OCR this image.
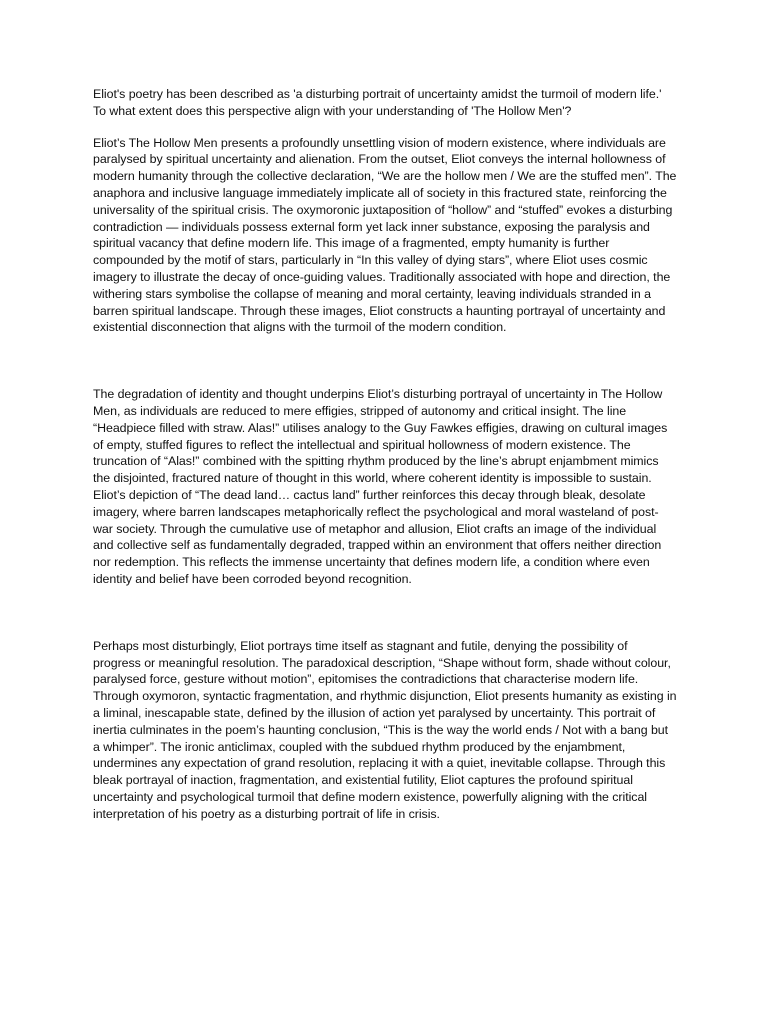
Eliot's poetry has been described as 'a disturbing portrait of uncertainty amidst the turmoil of modern life.'

To what extent does this perspective align with your understanding of 'The Hollow Men'?

Eliot’s The Hollow Men presents a profoundly unsettling vision of modern existence, where individuals are paralysed by spiritual uncertainty and alienation. From the outset, Eliot conveys the internal hollowness of modern humanity through the collective declaration, “We are the hollow men / We are the stuffed men”. The anaphora and inclusive language immediately implicate all of society in this fractured state, reinforcing the universality of the spiritual crisis. The oxymoronic juxtaposition of “hollow” and “stuffed” evokes a disturbing contradiction — individuals possess external form yet lack inner substance, exposing the paralysis and spiritual vacancy that define modern life. This image of a fragmented, empty humanity is further compounded by the motif of stars, particularly in “In this valley of dying stars”, where Eliot uses cosmic imagery to illustrate the decay of once-guiding values. Traditionally associated with hope and direction, the withering stars symbolise the collapse of meaning and moral certainty, leaving individuals stranded in a barren spiritual landscape. Through these images, Eliot constructs a haunting portrayal of uncertainty and existential disconnection that aligns with the turmoil of the modern condition.

The degradation of identity and thought underpins Eliot’s disturbing portrayal of uncertainty in The Hollow Men, as individuals are reduced to mere effigies, stripped of autonomy and critical insight. The line “Headpiece filled with straw. Alas!” utilises analogy to the Guy Fawkes effigies, drawing on cultural images of empty, stuffed figures to reflect the intellectual and spiritual hollowness of modern existence. The truncation of “Alas!” combined with the spitting rhythm produced by the line’s abrupt enjambment mimics the disjointed, fractured nature of thought in this world, where coherent identity is impossible to sustain. Eliot’s depiction of “The dead land… cactus land” further reinforces this decay through bleak, desolate imagery, where barren landscapes metaphorically reflect the psychological and moral wasteland of post-war society. Through the cumulative use of metaphor and allusion, Eliot crafts an image of the individual and collective self as fundamentally degraded, trapped within an environment that offers neither direction nor redemption. This reflects the immense uncertainty that defines modern life, a condition where even identity and belief have been corroded beyond recognition.

Perhaps most disturbingly, Eliot portrays time itself as stagnant and futile, denying the possibility of progress or meaningful resolution. The paradoxical description, “Shape without form, shade without colour, paralysed force, gesture without motion”, epitomises the contradictions that characterise modern life. Through oxymoron, syntactic fragmentation, and rhythmic disjunction, Eliot presents humanity as existing in a liminal, inescapable state, defined by the illusion of action yet paralysed by uncertainty. This portrait of inertia culminates in the poem’s haunting conclusion, “This is the way the world ends / Not with a bang but a whimper”. The ironic anticlimax, coupled with the subdued rhythm produced by the enjambment, undermines any expectation of grand resolution, replacing it with a quiet, inevitable collapse. Through this bleak portrayal of inaction, fragmentation, and existential futility, Eliot captures the profound spiritual uncertainty and psychological turmoil that define modern existence, powerfully aligning with the critical interpretation of his poetry as a disturbing portrait of life in crisis.
